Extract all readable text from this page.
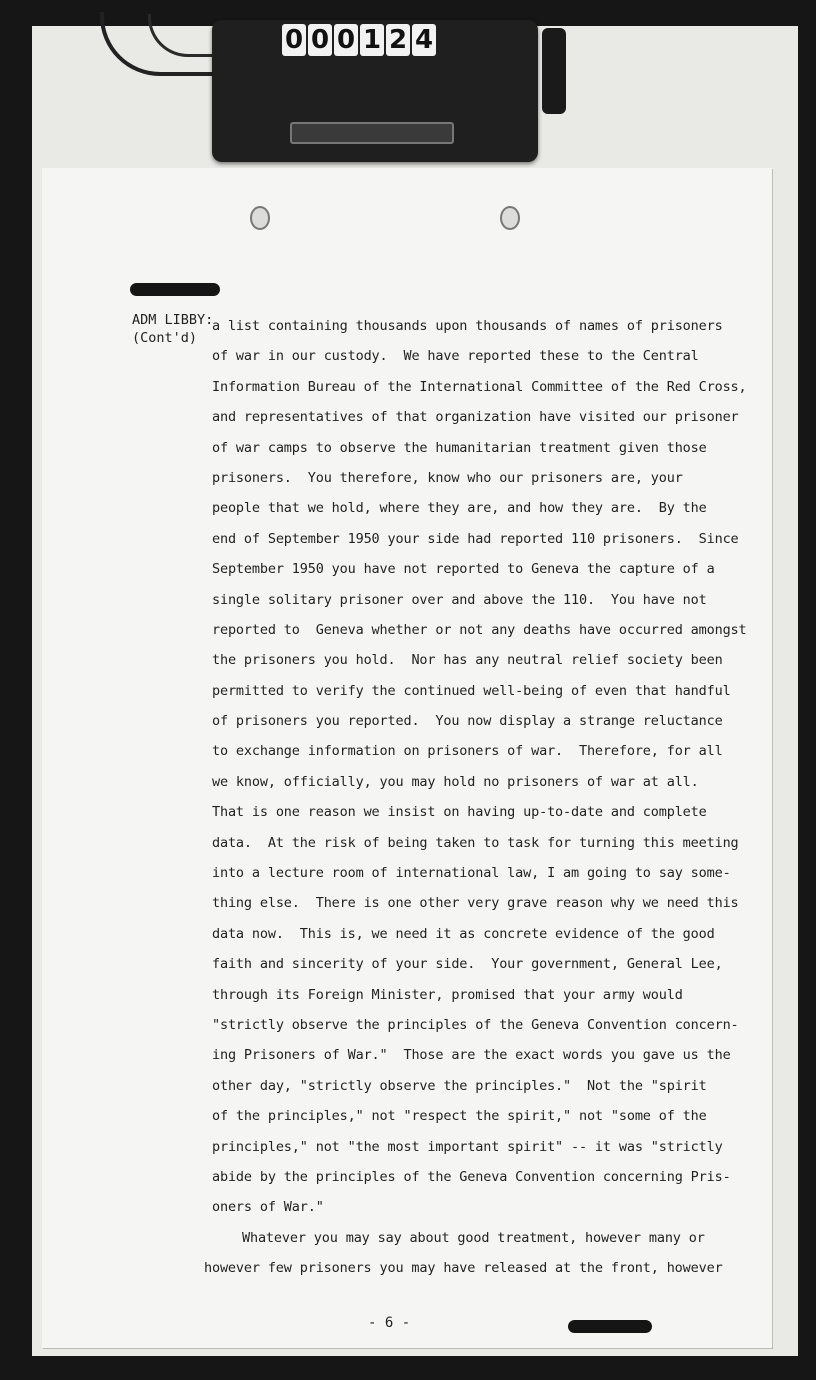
0 0 0 1 2 4
ADM LIBBY:
(Cont'd)
a list containing thousands upon thousands of names of prisoners
of war in our custody.  We have reported these to the Central
Information Bureau of the International Committee of the Red Cross,
and representatives of that organization have visited our prisoner
of war camps to observe the humanitarian treatment given those
prisoners.  You therefore, know who our prisoners are, your
people that we hold, where they are, and how they are.  By the
end of September 1950 your side had reported 110 prisoners.  Since
September 1950 you have not reported to Geneva the capture of a
single solitary prisoner over and above the 110.  You have not
reported to  Geneva whether or not any deaths have occurred amongst
the prisoners you hold.  Nor has any neutral relief society been
permitted to verify the continued well-being of even that handful
of prisoners you reported.  You now display a strange reluctance
to exchange information on prisoners of war.  Therefore, for all
we know, officially, you may hold no prisoners of war at all.
That is one reason we insist on having up-to-date and complete
data.  At the risk of being taken to task for turning this meeting
into a lecture room of international law, I am going to say some-
thing else.  There is one other very grave reason why we need this
data now.  This is, we need it as concrete evidence of the good
faith and sincerity of your side.  Your government, General Lee,
through its Foreign Minister, promised that your army would
"strictly observe the principles of the Geneva Convention concern-
ing Prisoners of War."  Those are the exact words you gave us the
other day, "strictly observe the principles."  Not the "spirit
of the principles," not "respect the spirit," not "some of the
principles," not "the most important spirit" -- it was "strictly
abide by the principles of the Geneva Convention concerning Pris-
oners of War."
Whatever you may say about good treatment, however many or
however few prisoners you may have released at the front, however
- 6 -
